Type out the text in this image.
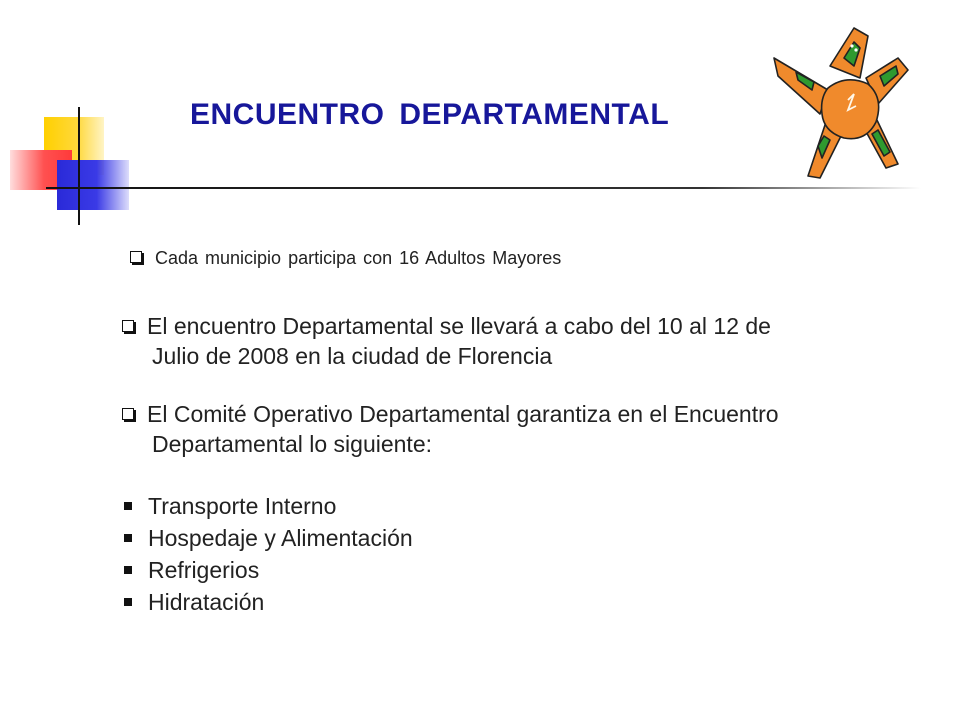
ENCUENTRO DEPARTAMENTAL

Cada municipio participa con 16 Adultos Mayores

El encuentro Departamental se llevará a cabo del 10 al 12 de
Julio de 2008 en la ciudad de Florencia

El Comité Operativo Departamental garantiza en el Encuentro
Departamental lo siguiente:

Transporte Interno
Hospedaje y Alimentación
Refrigerios
Hidratación
